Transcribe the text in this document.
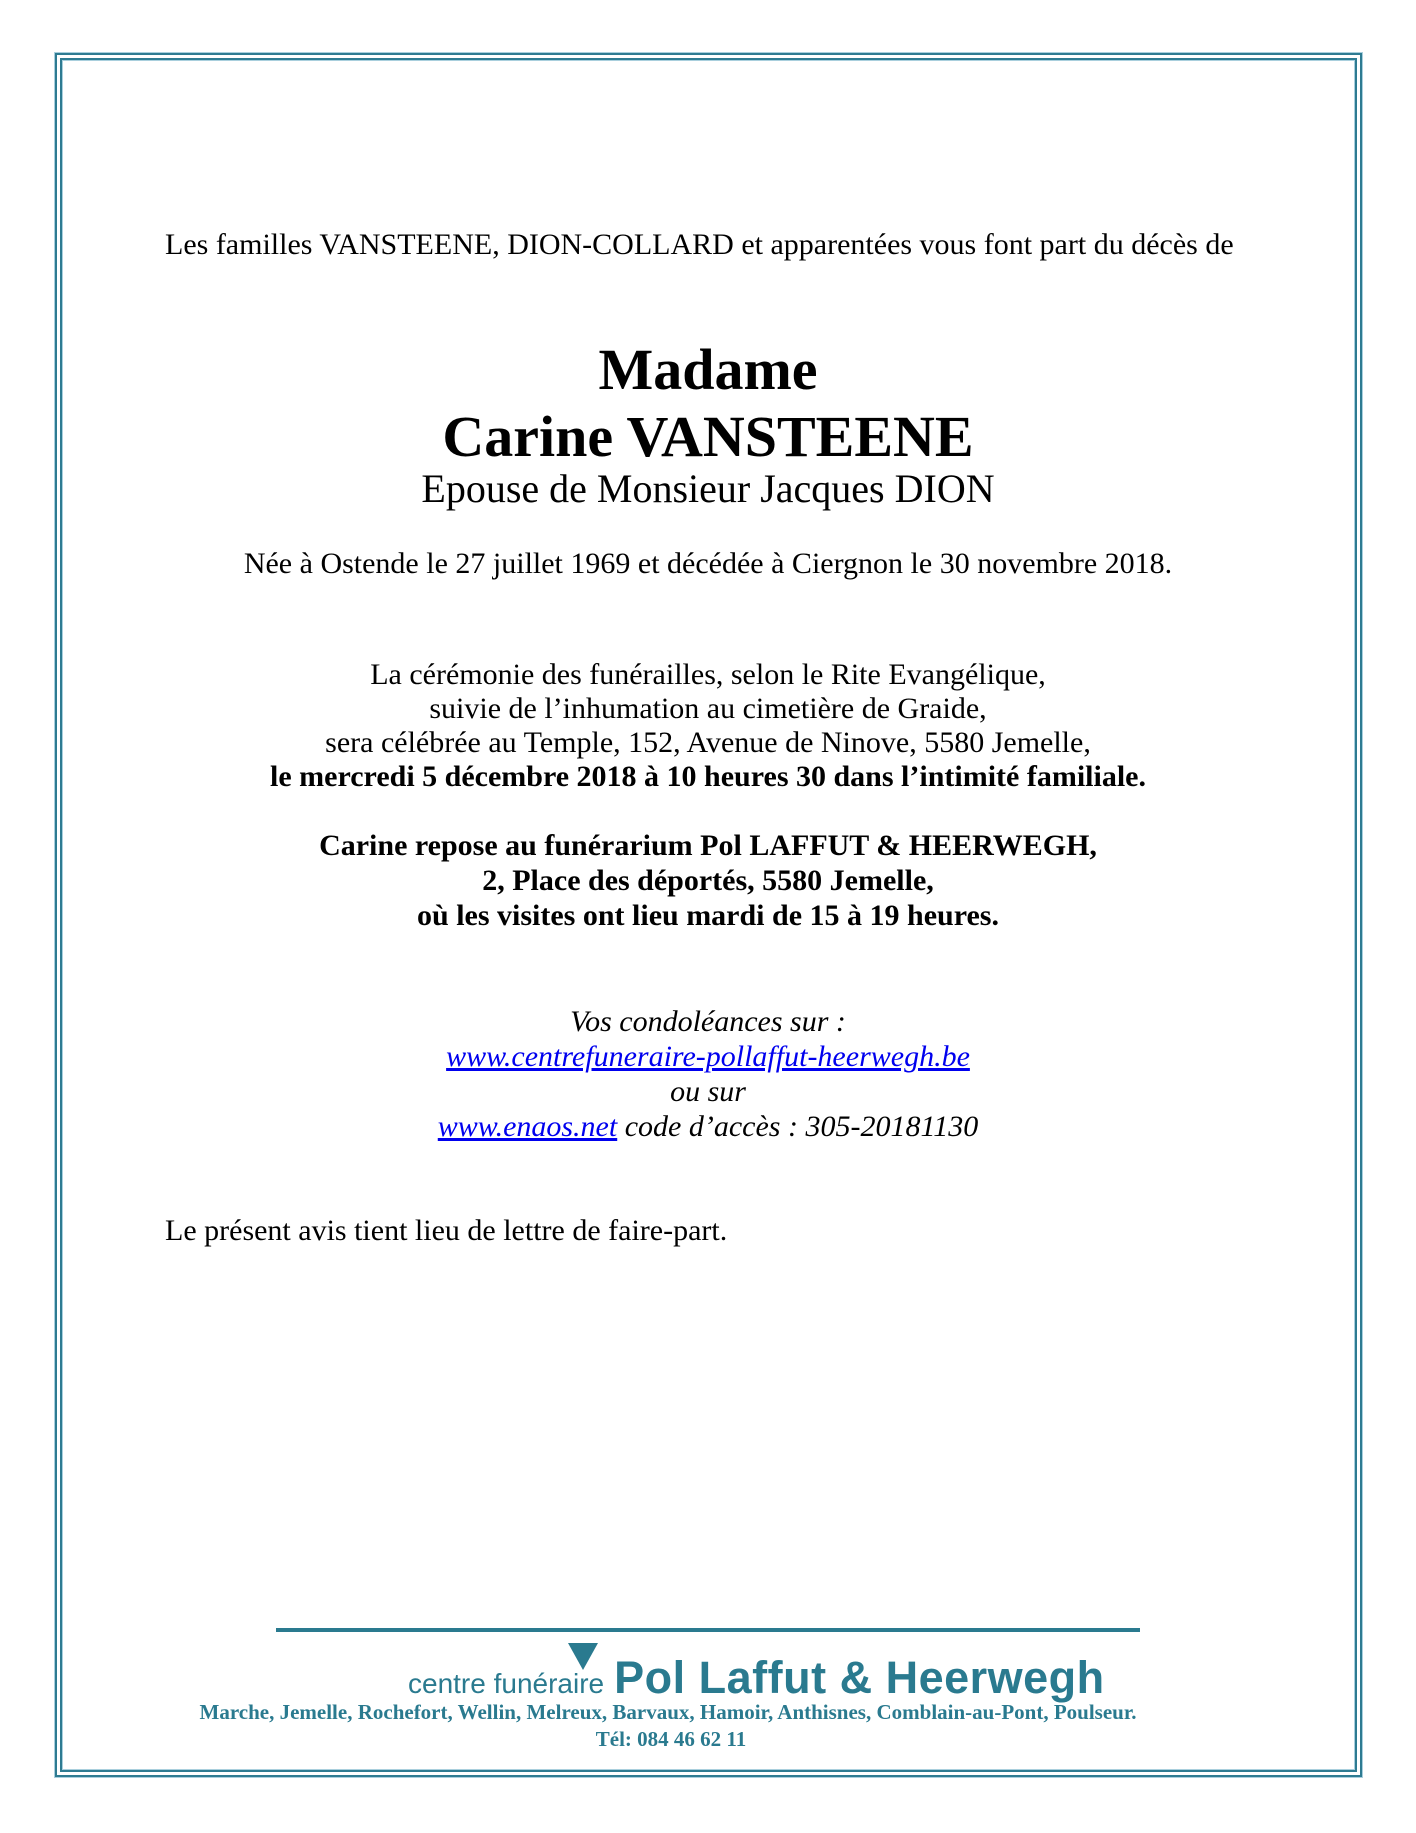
Les familles VANSTEENE, DION-COLLARD et apparentées vous font part du décès de
Madame
Carine VANSTEENE
Epouse de Monsieur Jacques DION
Née à Ostende le 27 juillet 1969 et décédée à Ciergnon le 30 novembre 2018.
La cérémonie des funérailles, selon le Rite Evangélique,
suivie de l’inhumation au cimetière de Graide,
sera célébrée au Temple, 152, Avenue de Ninove, 5580 Jemelle,
le mercredi 5 décembre 2018 à 10 heures 30 dans l’intimité familiale.
Carine repose au funérarium Pol LAFFUT & HEERWEGH,
2, Place des déportés, 5580 Jemelle,
où les visites ont lieu mardi de 15 à 19 heures.
Vos condoléances sur :
www.centrefuneraire-pollaffut-heerwegh.be
ou sur
www.enaos.net code d’accès : 305-20181130
Le présent avis tient lieu de lettre de faire-part.
centre funéraire Pol Laffut & Heerwegh
Marche, Jemelle, Rochefort, Wellin, Melreux, Barvaux, Hamoir, Anthisnes, Comblain-au-Pont, Poulseur.
Tél: 084 46 62 11
